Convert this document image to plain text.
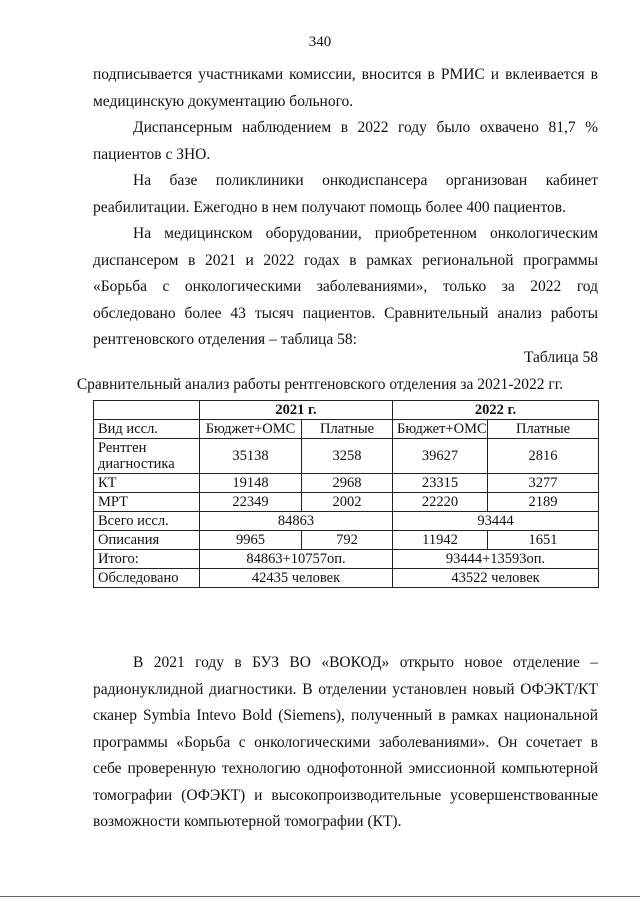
340

подписывается участниками комиссии, вносится в РМИС и вклеивается в медицинскую документацию больного.

Диспансерным наблюдением в 2022 году было охвачено 81,7 % пациентов с ЗНО.

На базе поликлиники онкодиспансера организован кабинет реабилитации. Ежегодно в нем получают помощь более 400 пациентов.

На медицинском оборудовании, приобретенном онкологическим диспансером в 2021 и 2022 годах в рамках региональной программы «Борьба с онкологическими заболеваниями», только за 2022 год обследовано более 43 тысяч пациентов. Сравнительный анализ работы рентгеновского отделения – таблица 58:

Таблица 58
Сравнительный анализ работы рентгеновского отделения за 2021-2022 гг.
	2021 г.		2022 г.	
Вид иссл.	Бюджет+ОМС	Платные	Бюджет+ОМС	Платные
Рентген диагностика	35138	3258	39627	2816
КТ	19148	2968	23315	3277
МРТ	22349	2002	22220	2189
Всего иссл.	84863		93444	
Описания	9965	792	11942	1651
Итого:	84863+10757оп.		93444+13593оп.	
Обследовано	42435 человек		43522 человек	

В 2021 году в БУЗ ВО «ВОКОД» открыто новое отделение – радионуклидной диагностики. В отделении установлен новый ОФЭКТ/КТ сканер Symbia Intevo Bold (Siemens), полученный в рамках национальной программы «Борьба с онкологическими заболеваниями». Он сочетает в себе проверенную технологию однофотонной эмиссионной компьютерной томографии (ОФЭКТ) и высокопроизводительные усовершенствованные возможности компьютерной томографии (КТ).
